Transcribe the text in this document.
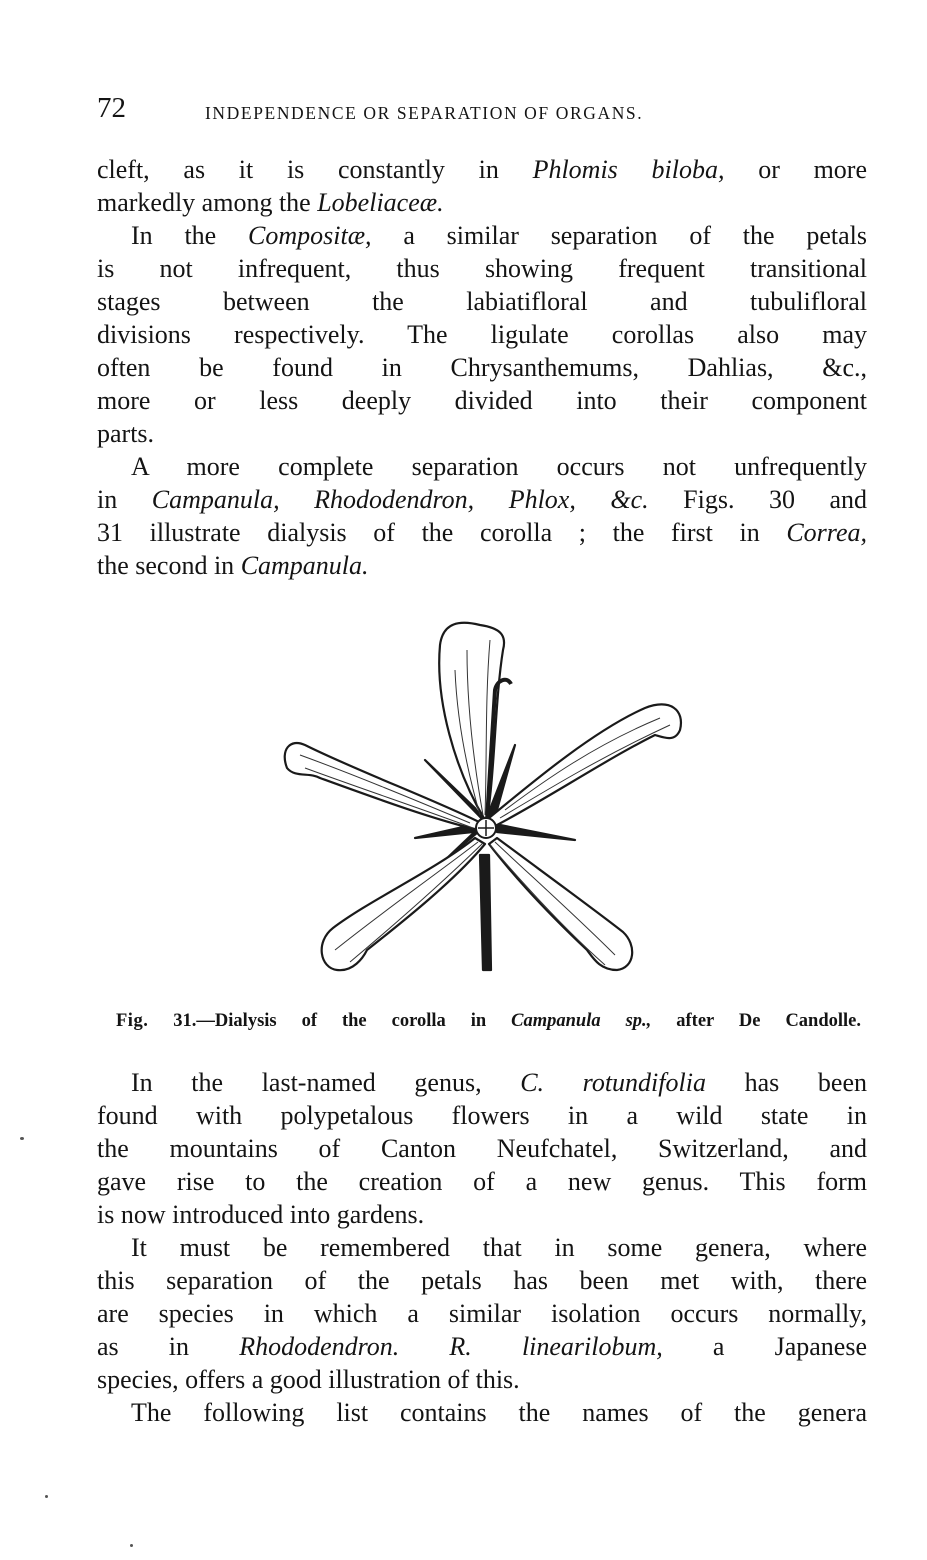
72	INDEPENDENCE OR SEPARATION OF ORGANS.
cleft, as it is constantly in Phlomis biloba, or more
markedly among the Lobeliaceæ.
In the Compositæ, a similar separation of the petals
is not infrequent, thus showing frequent transitional
stages between the labiatifloral and tubulifloral
divisions respectively. The ligulate corollas also may
often be found in Chrysanthemums, Dahlias, &c.,
more or less deeply divided into their component
parts.
A more complete separation occurs not unfrequently
in Campanula, Rhododendron, Phlox, &c. Figs. 30 and
31 illustrate dialysis of the corolla ; the first in Correa,
the second in Campanula.
Fig. 31.—Dialysis of the corolla in Campanula sp., after De Candolle.
In the last-named genus, C. rotundifolia has been
found with polypetalous flowers in a wild state in
the mountains of Canton Neufchatel, Switzerland, and
gave rise to the creation of a new genus. This form
is now introduced into gardens.
It must be remembered that in some genera, where
this separation of the petals has been met with, there
are species in which a similar isolation occurs normally,
as in Rhododendron. R. linearilobum, a Japanese
species, offers a good illustration of this.
The following list contains the names of the genera
